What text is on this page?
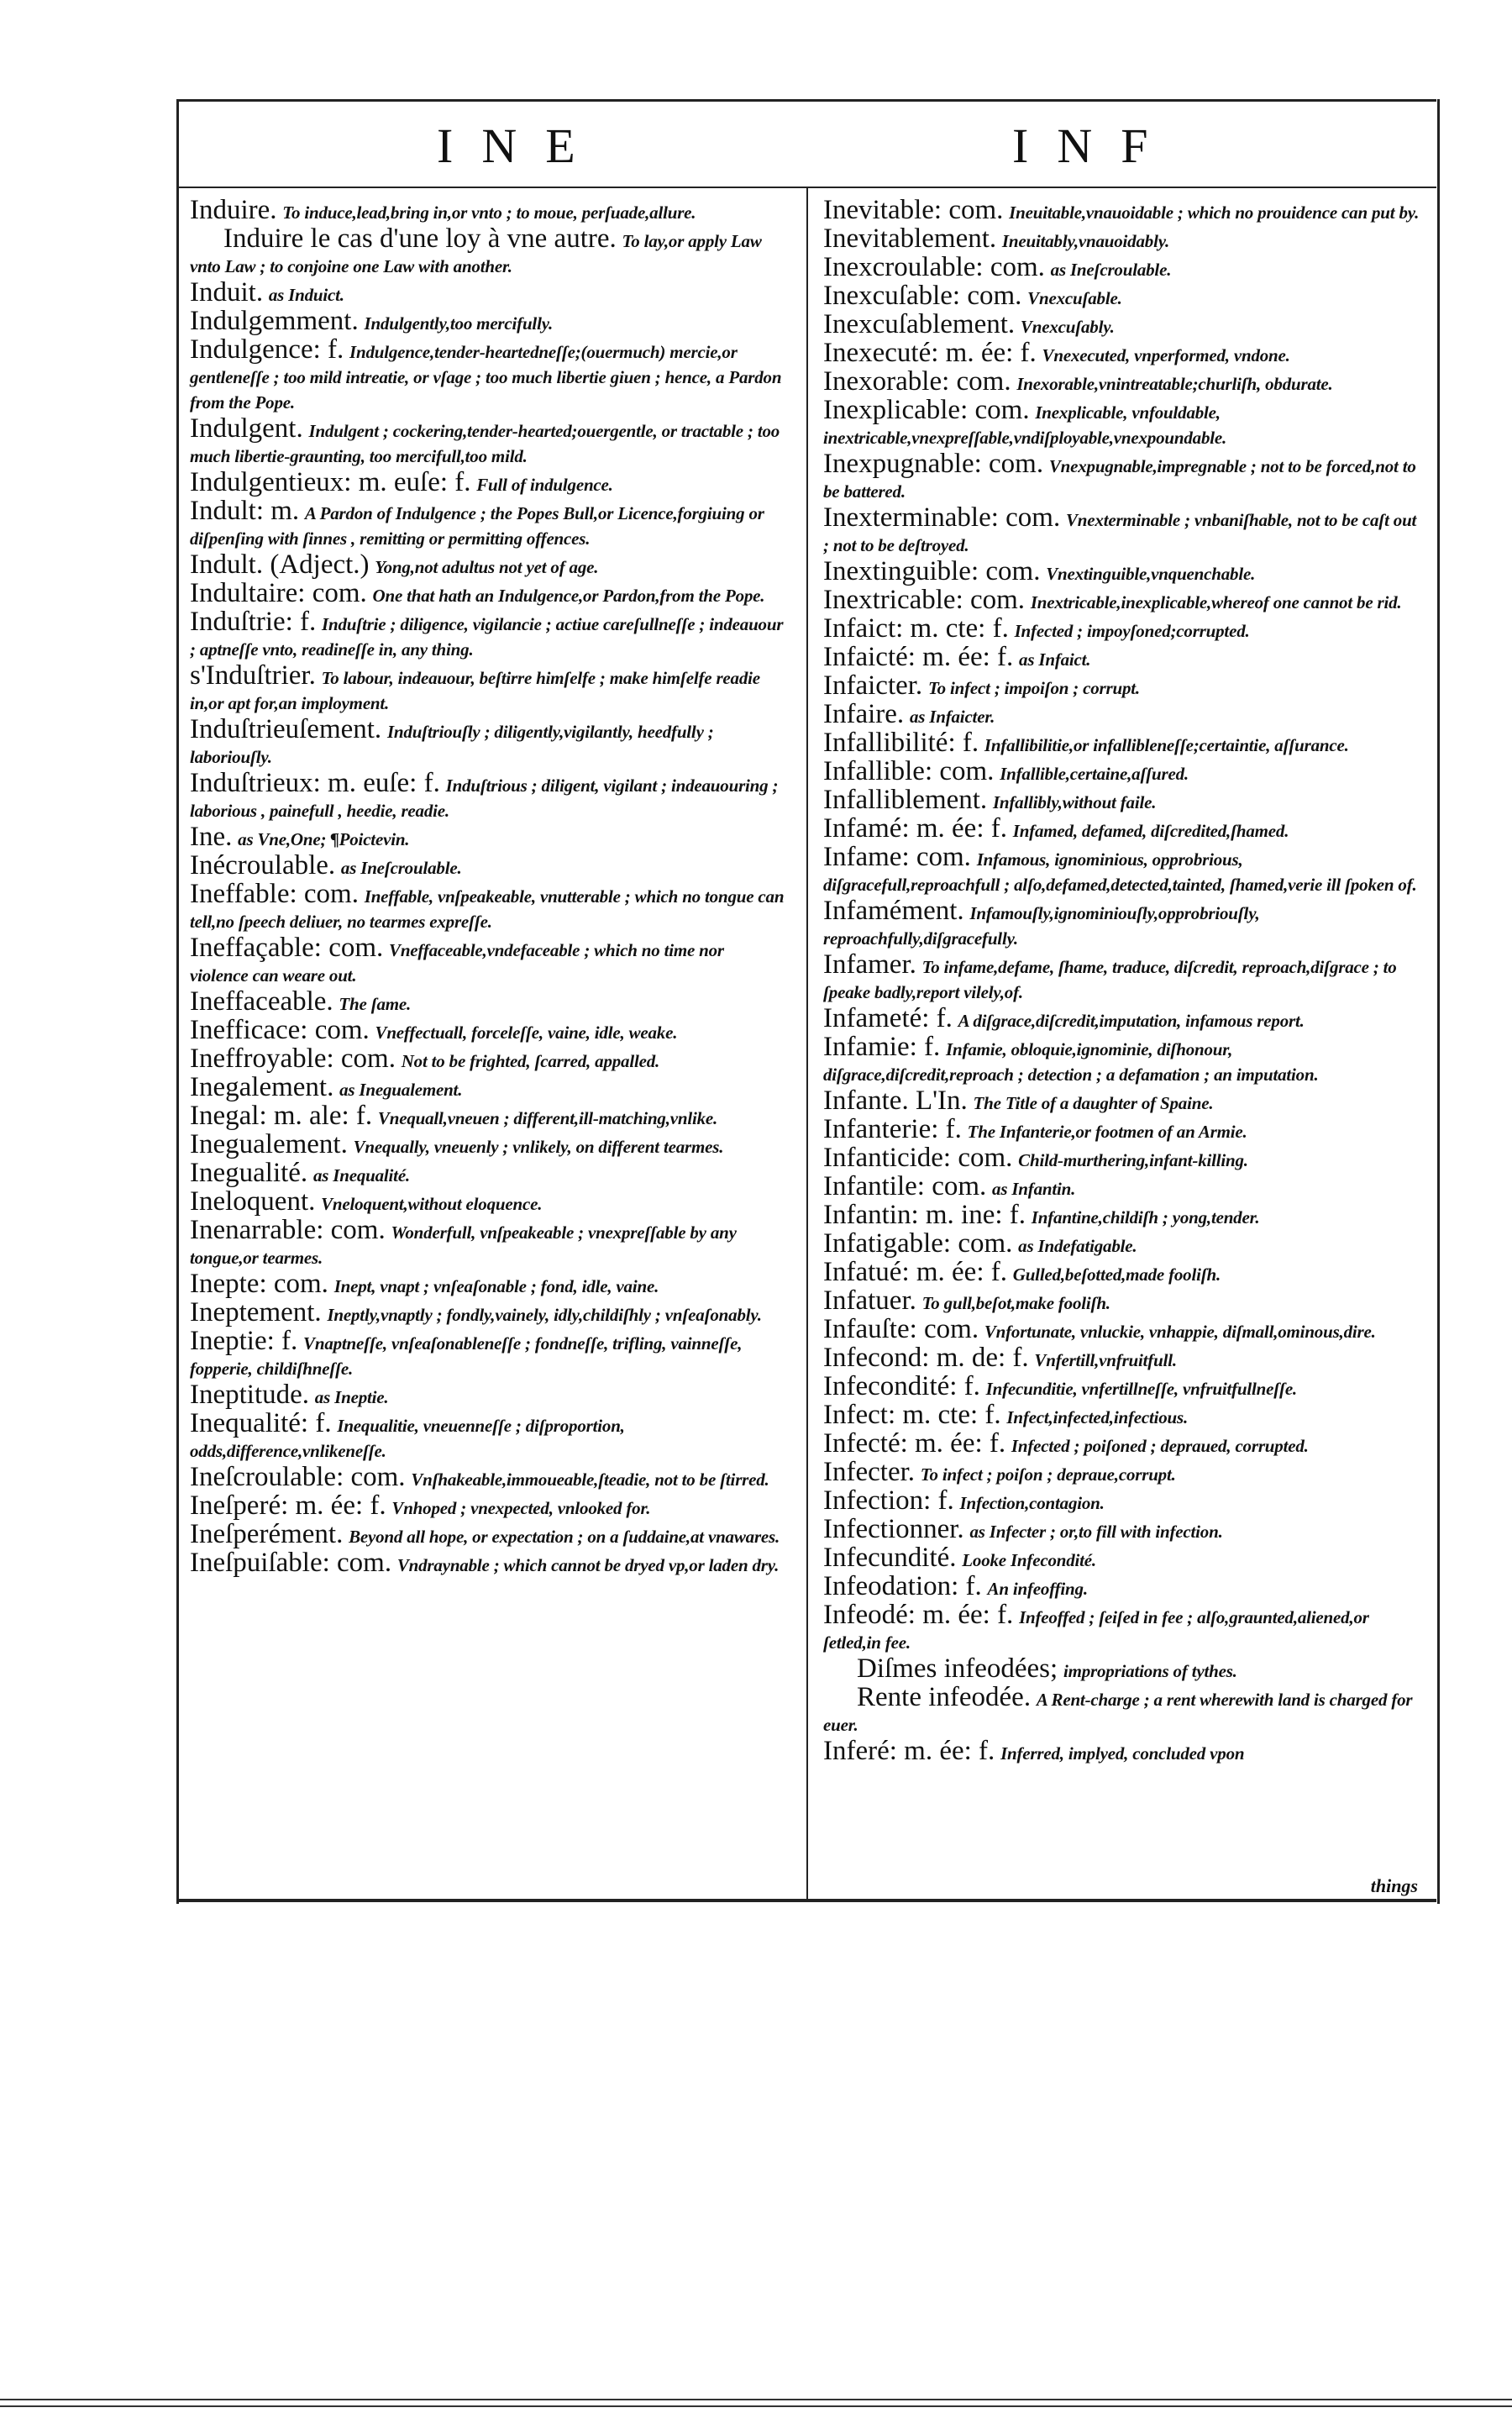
INE	INF
Induire. To induce,lead,bring in,or vnto ; to moue, perſuade,allure.
Induire le cas d'une loy à vne autre. To lay,or apply Law vnto Law ; to conjoine one Law with another.
Induit. as Induict.
Indulgemment. Indulgently,too mercifully.
Indulgence: f. Indulgence,tender-heartedneſſe;(ouermuch) mercie,or gentleneſſe ; too mild intreatie, or vſage ; too much libertie giuen ; hence, a Pardon from the Pope.
Indulgent. Indulgent ; cockering,tender-hearted;ouergentle, or tractable ; too much libertie-graunting, too mercifull,too mild.
Indulgentieux: m. euſe: f. Full of indulgence.
Indult: m. A Pardon of Indulgence ; the Popes Bull,or Licence,forgiuing or diſpenſing with ſinnes , remitting or permitting offences.
Indult. (Adject.) Yong,not adultus not yet of age.
Indultaire: com. One that hath an Indulgence,or Pardon,from the Pope.
Induſtrie: f. Induſtrie ; diligence, vigilancie ; actiue careſullneſſe ; indeauour ; aptneſſe vnto, readineſſe in, any thing.
s'Induſtrier. To labour, indeauour, beſtirre himſelfe ; make himſelfe readie in,or apt for,an imployment.
Induſtrieuſement. Induſtriouſly ; diligently,vigilantly, heedfully ; laboriouſly.
Induſtrieux: m. euſe: f. Induſtrious ; diligent, vigilant ; indeauouring ; laborious , painefull , heedie, readie.
Ine. as Vne,One; ¶Poictevin.
Inécroulable. as Ineſcroulable.
Ineffable: com. Ineffable, vnſpeakeable, vnutterable ; which no tongue can tell,no ſpeech deliuer, no tearmes expreſſe.
Ineffaçable: com. Vneffaceable,vndefaceable ; which no time nor violence can weare out.
Ineffaceable. The ſame.
Inefficace: com. Vneffectuall, forceleſſe, vaine, idle, weake.
Ineffroyable: com. Not to be frighted, ſcarred, appalled.
Inegalement. as Inegualement.
Inegal: m. ale: f. Vnequall,vneuen ; different,ill-matching,vnlike.
Inegualement. Vnequally, vneuenly ; vnlikely, on different tearmes.
Inegualité. as Inequalité.
Ineloquent. Vneloquent,without eloquence.
Inenarrable: com. Wonderfull, vnſpeakeable ; vnexpreſſable by any tongue,or tearmes.
Inepte: com. Inept, vnapt ; vnſeaſonable ; fond, idle, vaine.
Ineptement. Ineptly,vnaptly ; fondly,vainely, idly,childiſhly ; vnſeaſonably.
Ineptie: f. Vnaptneſſe, vnſeaſonableneſſe ; fondneſſe, trifling, vainneſſe, fopperie, childiſhneſſe.
Ineptitude. as Ineptie.
Inequalité: f. Inequalitie, vneuenneſſe ; diſproportion, odds,difference,vnlikeneſſe.
Ineſcroulable: com. Vnſhakeable,immoueable,ſteadie, not to be ſtirred.
Ineſperé: m. ée: f. Vnhoped ; vnexpected, vnlooked for.
Ineſperément. Beyond all hope, or expectation ; on a ſuddaine,at vnawares.
Ineſpuiſable: com. Vndraynable ; which cannot be dryed vp,or laden dry.
Inevitable: com. Ineuitable,vnauoidable ; which no prouidence can put by.
Inevitablement. Ineuitably,vnauoidably.
Inexcroulable: com. as Ineſcroulable.
Inexcuſable: com. Vnexcuſable.
Inexcuſablement. Vnexcuſably.
Inexecuté: m. ée: f. Vnexecuted, vnperformed, vndone.
Inexorable: com. Inexorable,vnintreatable;churliſh, obdurate.
Inexplicable: com. Inexplicable, vnfouldable, inextricable,vnexpreſſable,vndiſployable,vnexpoundable.
Inexpugnable: com. Vnexpugnable,impregnable ; not to be forced,not to be battered.
Inexterminable: com. Vnexterminable ; vnbaniſhable, not to be caſt out ; not to be deſtroyed.
Inextinguible: com. Vnextinguible,vnquenchable.
Inextricable: com. Inextricable,inexplicable,whereof one cannot be rid.
Infaict: m. cte: f. Infected ; impoyſoned;corrupted.
Infaicté: m. ée: f. as Infaict.
Infaicter. To infect ; impoiſon ; corrupt.
Infaire. as Infaicter.
Infallibilité: f. Infallibilitie,or infallibleneſſe;certaintie, aſſurance.
Infallible: com. Infallible,certaine,aſſured.
Infalliblement. Infallibly,without faile.
Infamé: m. ée: f. Infamed, defamed, diſcredited,ſhamed.
Infame: com. Infamous, ignominious, opprobrious, diſgracefull,reproachfull ; alſo,defamed,detected,tainted, ſhamed,verie ill ſpoken of.
Infamément. Infamouſly,ignominiouſly,opprobriouſly, reproachfully,diſgracefully.
Infamer. To infame,defame, ſhame, traduce, diſcredit, reproach,diſgrace ; to ſpeake badly,report vilely,of.
Infameté: f. A diſgrace,diſcredit,imputation, infamous report.
Infamie: f. Infamie, obloquie,ignominie, diſhonour, diſgrace,diſcredit,reproach ; detection ; a defamation ; an imputation.
Infante. L'In. The Title of a daughter of Spaine.
Infanterie: f. The Infanterie,or footmen of an Armie.
Infanticide: com. Child-murthering,infant-killing.
Infantile: com. as Infantin.
Infantin: m. ine: f. Infantine,childiſh ; yong,tender.
Infatigable: com. as Indefatigable.
Infatué: m. ée: f. Gulled,beſotted,made fooliſh.
Infatuer. To gull,beſot,make fooliſh.
Infauſte: com. Vnfortunate, vnluckie, vnhappie, diſmall,ominous,dire.
Infecond: m. de: f. Vnfertill,vnfruitfull.
Infecondité: f. Infecunditie, vnfertillneſſe, vnfruitfullneſſe.
Infect: m. cte: f. Infect,infected,infectious.
Infecté: m. ée: f. Infected ; poiſoned ; depraued, corrupted.
Infecter. To infect ; poiſon ; depraue,corrupt.
Infection: f. Infection,contagion.
Infectionner. as Infecter ; or,to fill with infection.
Infecundité. Looke Infecondité.
Infeodation: f. An infeoffing.
Infeodé: m. ée: f. Infeoffed ; ſeiſed in fee ; alſo,graunted,aliened,or ſetled,in fee.
Diſmes infeodées; impropriations of tythes.
Rente infeodée. A Rent-charge ; a rent wherewith land is charged for euer.
Inferé: m. ée: f. Inferred, implyed, concluded vpon
things
